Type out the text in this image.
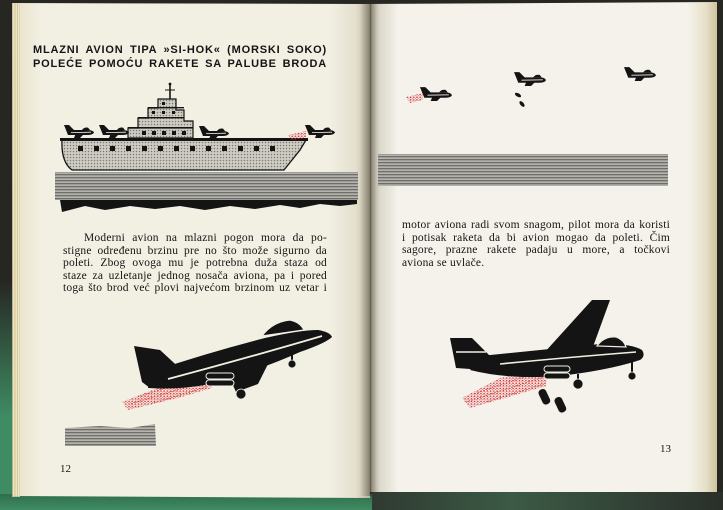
MLAZNI AVION TIPA »SI-HOK« (MORSKI SOKO)
POLEĆE POMOĆU RAKETE SA PALUBE BRODA
Moderni avion na mlazni pogon mora da po-
stigne određenu brzinu pre no što može sigurno da
poleti. Zbog ovoga mu je potrebna duža staza od
staze za uzletanje jednog nosača aviona, pa i pored
toga što brod već plovi najvećom brzinom uz vetar i
12
motor aviona radi svom snagom, pilot mora da koristi
i potisak raketa da bi avion mogao da poleti. Čim
sagore, prazne rakete padaju u more, a točkovi
aviona se uvlače.
13
